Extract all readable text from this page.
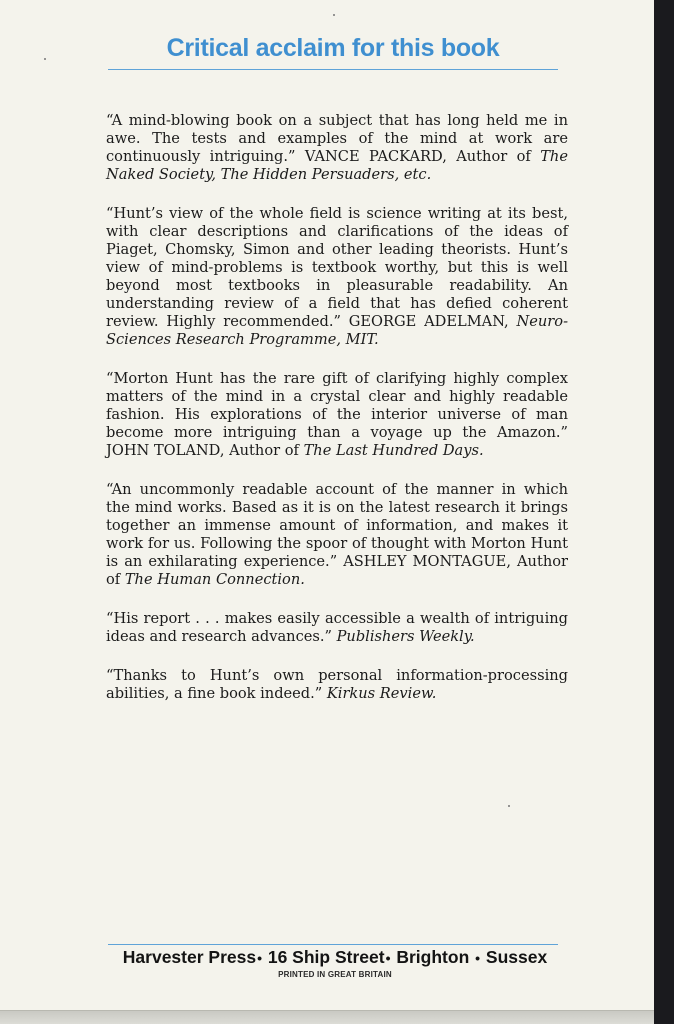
Critical acclaim for this book

“A mind-blowing book on a subject that has long held me in awe. The tests and examples of the mind at work are continuously intriguing.” VANCE PACKARD, Author of The Naked Society, The Hidden Persuaders, etc.

“Hunt’s view of the whole field is science writing at its best, with clear descriptions and clarifications of the ideas of Piaget, Chomsky, Simon and other leading theorists. Hunt’s view of mind-problems is textbook worthy, but this is well beyond most textbooks in pleasurable readability. An understanding review of a field that has defied coherent review. Highly recommended.” GEORGE ADELMAN, Neuro-Sciences Research Programme, MIT.

“Morton Hunt has the rare gift of clarifying highly complex matters of the mind in a crystal clear and highly readable fashion. His explorations of the interior universe of man become more intriguing than a voyage up the Amazon.” JOHN TOLAND, Author of The Last Hundred Days.

“An uncommonly readable account of the manner in which the mind works. Based as it is on the latest research it brings together an immense amount of information, and makes it work for us. Following the spoor of thought with Morton Hunt is an exhilarating experience.” ASHLEY MONTAGUE, Author of The Human Connection.

“His report . . . makes easily accessible a wealth of intriguing ideas and research advances.” Publishers Weekly.

“Thanks to Hunt’s own personal information-processing abilities, a fine book indeed.” Kirkus Review.

Harvester Press• 16 Ship Street• Brighton • Sussex
PRINTED IN GREAT BRITAIN
